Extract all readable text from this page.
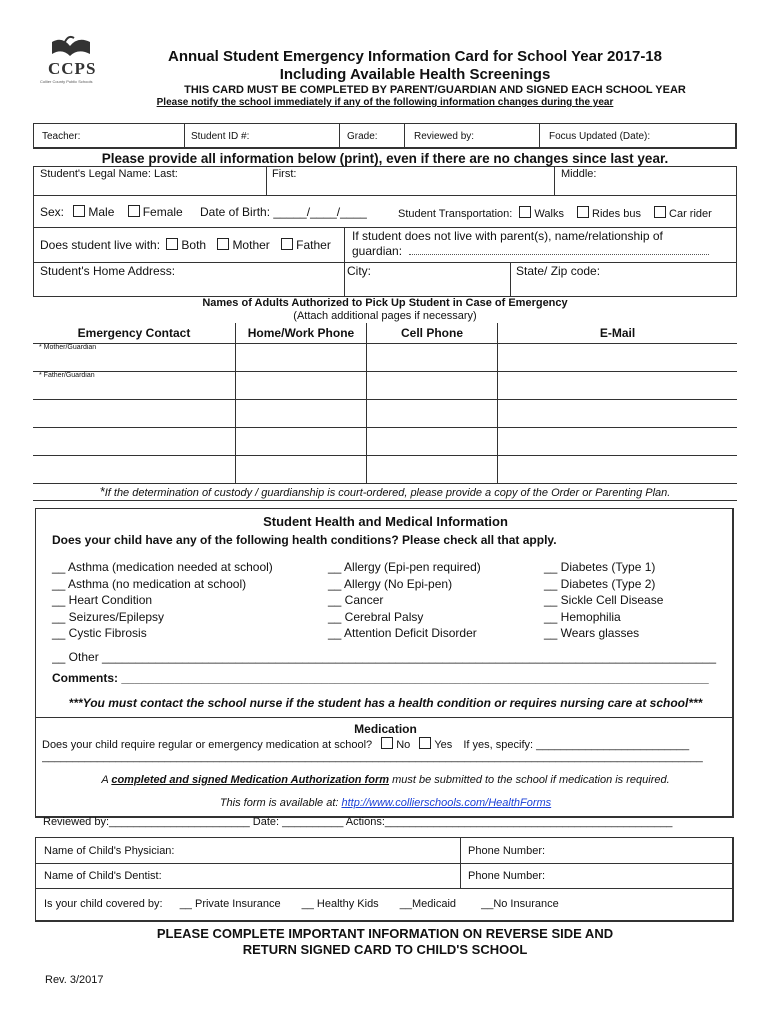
CCPS
Collier County Public Schools
Annual Student Emergency Information Card for School Year 2017-18
Including Available Health Screenings
THIS CARD MUST BE COMPLETED BY PARENT/GUARDIAN AND SIGNED EACH SCHOOL YEAR
Please notify the school immediately if any of the following information changes during the year
Teacher:	Student ID #:	Grade:	Reviewed by:	Focus Updated (Date):
Please provide all information below (print), even if there are no changes since last year.
Student's Legal Name: Last:	First:	Middle:
Sex: Male Female Date of Birth: _____/____/____	Student Transportation: Walks	Rides bus	Car rider
Does student live with: Both Mother Father
If student does not live with parent(s), name/relationship of
guardian:
Student's Home Address:	City:	State/ Zip code:
Names of Adults Authorized to Pick Up Student in Case of Emergency
(Attach additional pages if necessary)
Emergency Contact	Home/Work Phone	Cell Phone	E-Mail
* Mother/Guardian			
* Father/Guardian			

*If the determination of custody / guardianship is court-ordered, please provide a copy of the Order or Parenting Plan.
Student Health and Medical Information
Does your child have any of the following health conditions? Please check all that apply.
__ Asthma (medication needed at school)
__ Asthma (no medication at school)
__ Heart Condition
__ Seizures/Epilepsy
__ Cystic Fibrosis
__ Allergy (Epi-pen required)
__ Allergy (No Epi-pen)
__ Cancer
__ Cerebral Palsy
__ Attention Deficit Disorder
__ Diabetes (Type 1)
__ Diabetes (Type 2)
__ Sickle Cell Disease
__ Hemophilia
__ Wears glasses
__ Other ____________________________________________________________________________________________
Comments: ________________________________________________________________________________________
***You must contact the school nurse if the student has a health condition or requires nursing care at school***
Medication
Does your child require regular or emergency medication at school? No Yes If yes, specify: _________________________
____________________________________________________________________________________________________________
A completed and signed Medication Authorization form must be submitted to the school if medication is required.
This form is available at: http://www.collierschools.com/HealthForms
Reviewed by:_______________________ Date: __________ Actions:_______________________________________________
Name of Child's Physician:	Phone Number:
Name of Child's Dentist:	Phone Number:
Is your child covered by: __ Private Insurance __ Healthy Kids __Medicaid __No Insurance
PLEASE COMPLETE IMPORTANT INFORMATION ON REVERSE SIDE AND
RETURN SIGNED CARD TO CHILD'S SCHOOL
Rev. 3/2017
